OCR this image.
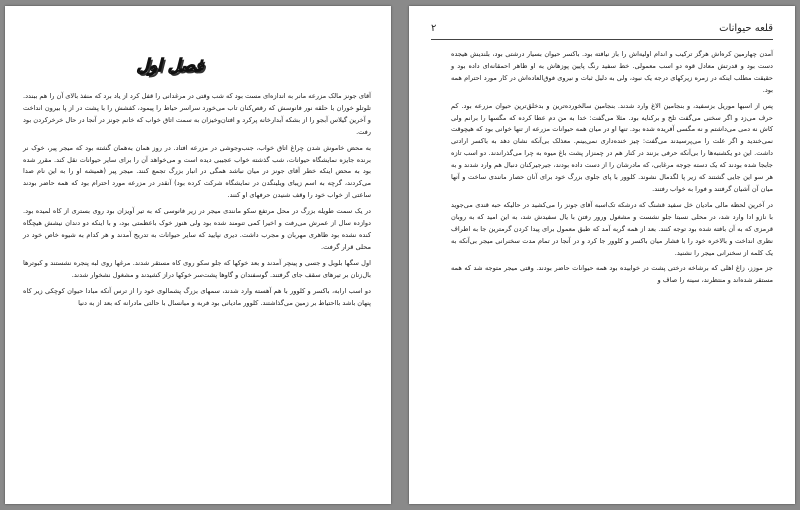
فصل اول

آقای جونز مالک مزرعه مانر به اندازه‌ای مست بود که شب وقتی در مرغدانی را قفل کرد از یاد برد که منفذ بالای آن را هم ببندد. تلوتلو خوران با حلقه نور فانوسش که رقص‌کنان تاب می‌خورد سراسر حیاط را پیمود، کفشش را با پشت در از پا بیرون انداخت و آخرین گیلاس آبجو را از بشکه آبدارخانه پرکرد و افتان‌وخیزان به سمت اتاق خواب که خانم جونز در آنجا در حال خرخرکردن بود رفت.

به محض خاموش شدن چراغ اتاق خواب، جنب‌وجوشی در مزرعه افتاد. در روز همان به‌همان گشته بود که میجر پیر، خوک نر برنده جایزه نمایشگاه حیوانات، شب گذشته خواب عجیبی دیده است و می‌خواهد آن را برای سایر حیوانات نقل کند. مقرر شده بود به محض اینکه خطر آقای جونز در میان نباشد همگی در انبار بزرگ تجمع کنند. میجر پیر (همیشه او را به این نام صدا می‌کردند، گرچه به اسم زیبای ویلینگدن در نمایشگاه شرکت کرده بود) آنقدر در مزرعه مورد احترام بود که همه حاضر بودند ساعتی از خواب خود را وقف شنیدن حرفهای او کنند.

در یک سمت طویله بزرگ در محل مرتفع سکو مانندی میجر در زیر فانوسی که به تیر آویزان بود روی بستری از کاه لمیده بود. دوازده سال از عمرش می‌رفت و اخیرا کمی تنومند شده بود ولی هنوز خوک باعظمتی بود، و با اینکه دو دندان نیشش هیچگاه کنده نشده بود ظاهری مهربان و مجرب داشت. دیری نپایید که سایر حیوانات به تدریج آمدند و هر کدام به شیوه خاص خود در محلی قرار گرفت.

اول سگها بلوبل و جسی و پینچر آمدند و بعد خوکها که جلو سکو روی کاه مستقر شدند. مرغها روی لبه پنجره نشستند و کبوترها بال‌زنان بر تیرهای سقف جای گرفتند. گوسفندان و گاوها پشت‌سر خوکها دراز کشیدند و مشغول نشخوار شدند.

دو اسب ارابه، باکسر و کلوور با هم آهسته وارد شدند، سمهای بزرگ پشمالوی خود را از ترس آنکه مبادا حیوان کوچکی زیر کاه پنهان باشد بااحتیاط بر زمین می‌گذاشتند. کلوور مادیانی بود فربه و میانسال با حالتی مادرانه که بعد از به دنیا

قلعه حیوانات
٢

آمدن چهارمین کره‌اش هرگز ترکیب و اندام اولیه‌اش را باز نیافته بود. باکسر حیوان بسیار درشتی بود، بلندیش هیجده دست بود و قدرتش معادل قوه دو اسب معمولی. خط سفید رنگ پایین پوزهاش به او ظاهر احمقانه‌ای داده بود و حقیقت مطلب اینکه در زمره زیرکهای درجه یک نبود، ولی به دلیل ثبات و نیروی فوق‌العاده‌اش در کار مورد احترام همه بود.

پس از اسبها موریل بزسفید، و بنجامین الاغ وارد شدند. بنجامین سالخورده‌ترین و بدخلق‌ترین حیوان مزرعه بود. کم حرف می‌زد و اگر سخنی می‌گفت تلخ و برکنایه بود. مثلا می‌گفت: خدا به من دم عطا کرده که مگسها را برانم ولی کاش نه دمی می‌داشتم و نه مگسی آفریده شده بود. تنها او در میان همه حیوانات مزرعه از تنها خوانی بود که هیچوقت نمی‌خندید و اگر علت را می‌پرسیدند می‌گفت: چیز خنده‌داری نمی‌بینم. معذلک بی‌آنکه نشان دهد به باکسر ارادتی داشت. این دو یکشنبه‌ها را بی‌آنکه حرفی بزنند در کنار هم در چمنزار پشت باغ میوه به چرا می‌گذراندند. دو اسب تازه جابجا شده بودند که یک دسته جوجه مرغابی، که مادرشان را از دست داده بودند، جیرجیرکنان دنبال هم وارد شدند و به هر سو این جایی گشتند که زیر پا لگدمال نشوند. کلوور با پای جلوی بزرگ خود برای آنان حصار مانندی ساخت و آنها میان آن آشیان گرفتند و فورا به خواب رفتند.

در آخرین لحظه مالی مادیان خل سفید قشنگ که درشکه تک‌اسبه آقای جونز را می‌کشید در حالیکه حبه قندی می‌جوید با نازو ادا وارد شد، در محلی نسبتا جلو نشست و مشغول ورور رفتن با یال سفیدش شد، به این امید که به روبان قرمزی که به آن بافته شده بود توجه کنند. بعد از همه گربه آمد که طبق معمول برای پیدا کردن گرمترین جا به اطراف نظری انداخت و بالاخره خود را با فشار میان باکسر و کلوور جا کرد و در آنجا در تمام مدت سخنرانی میجر بی‌آنکه به یک کلمه از سخنرانی میجر را نشنید.

جز موزز، زاغ اهلی که برشاخه درختی پشت در خوابیده بود همه حیوانات حاضر بودند. وقتی میجر متوجه شد که همه مستقر شده‌اند و منتظرند، سینه را صاف و
